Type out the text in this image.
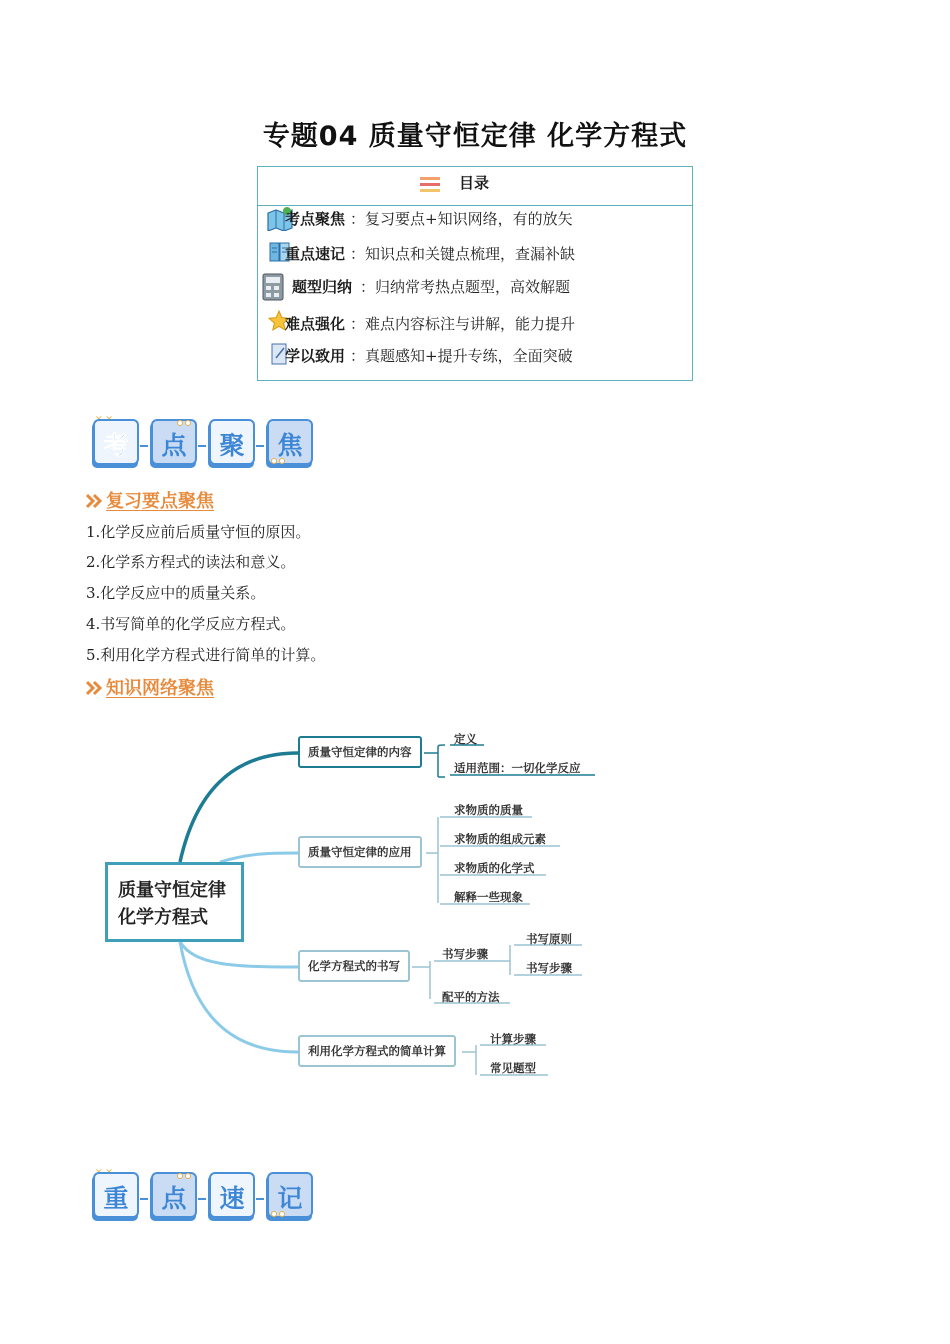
专题04 质量守恒定律 化学方程式
目录
考点聚焦 ：复习要点+知识网络，有的放矢
重点速记 ：知识点和关键点梳理，查漏补缺
题型归纳 ：归纳常考热点题型，高效解题
难点强化 ：难点内容标注与讲解，能力提升
学以致用 ：真题感知+提升专练，全面突破
考 点 聚 焦
复习要点聚焦
1.化学反应前后质量守恒的原因。
2.化学系方程式的读法和意义。
3.化学反应中的质量关系。
4.书写简单的化学反应方程式。
5.利用化学方程式进行简单的计算。
知识网络聚焦
质量守恒定律
化学方程式
质量守恒定律的内容
定义
适用范围：一切化学反应
质量守恒定律的应用
求物质的质量
求物质的组成元素
求物质的化学式
解释一些现象
化学方程式的书写
书写步骤
配平的方法
书写原则
书写步骤
利用化学方程式的简单计算
计算步骤
常见题型
重 点 速 记
